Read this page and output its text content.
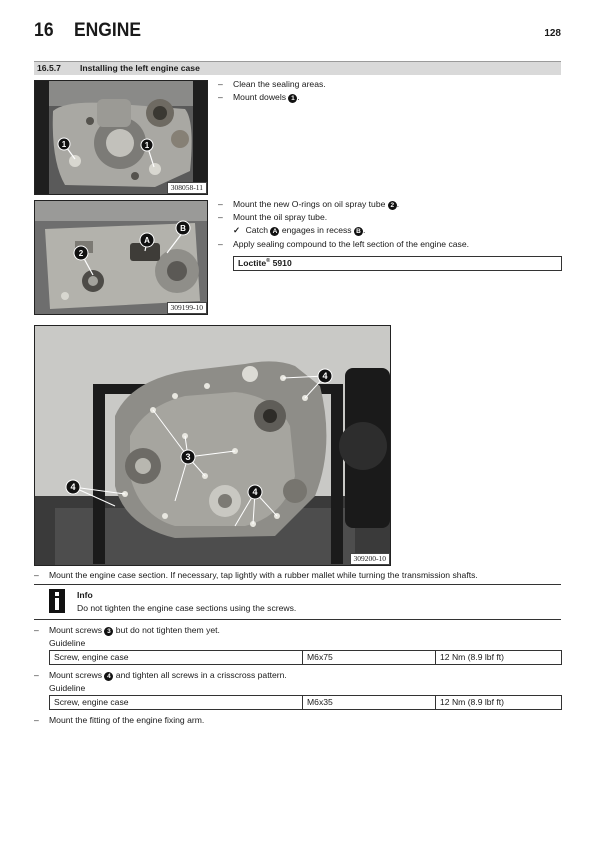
16 ENGINE	128
16.5.7 Installing the left engine case
1	1
308058-11
2
A
B
309199-10
– Clean the sealing areas.
– Mount dowels 1 .
– Mount the new O-rings on oil spray tube 2 .
– Mount the oil spray tube.
✓ Catch A engages in recess B .
– Apply sealing compound to the left section of the engine case.
Loctite® 5910
3
4
4	4
309200-10
– Mount the engine case section. If necessary, tap lightly with a rubber mallet while turning the transmission shafts.
Info
Do not tighten the engine case sections using the screws.
– Mount screws 3 but do not tighten them yet.
Guideline
Screw, engine case	M6x75	12 Nm (8.9 lbf ft)
– Mount screws 4 and tighten all screws in a crisscross pattern.
Guideline
Screw, engine case	M6x35	12 Nm (8.9 lbf ft)
– Mount the fitting of the engine fixing arm.
